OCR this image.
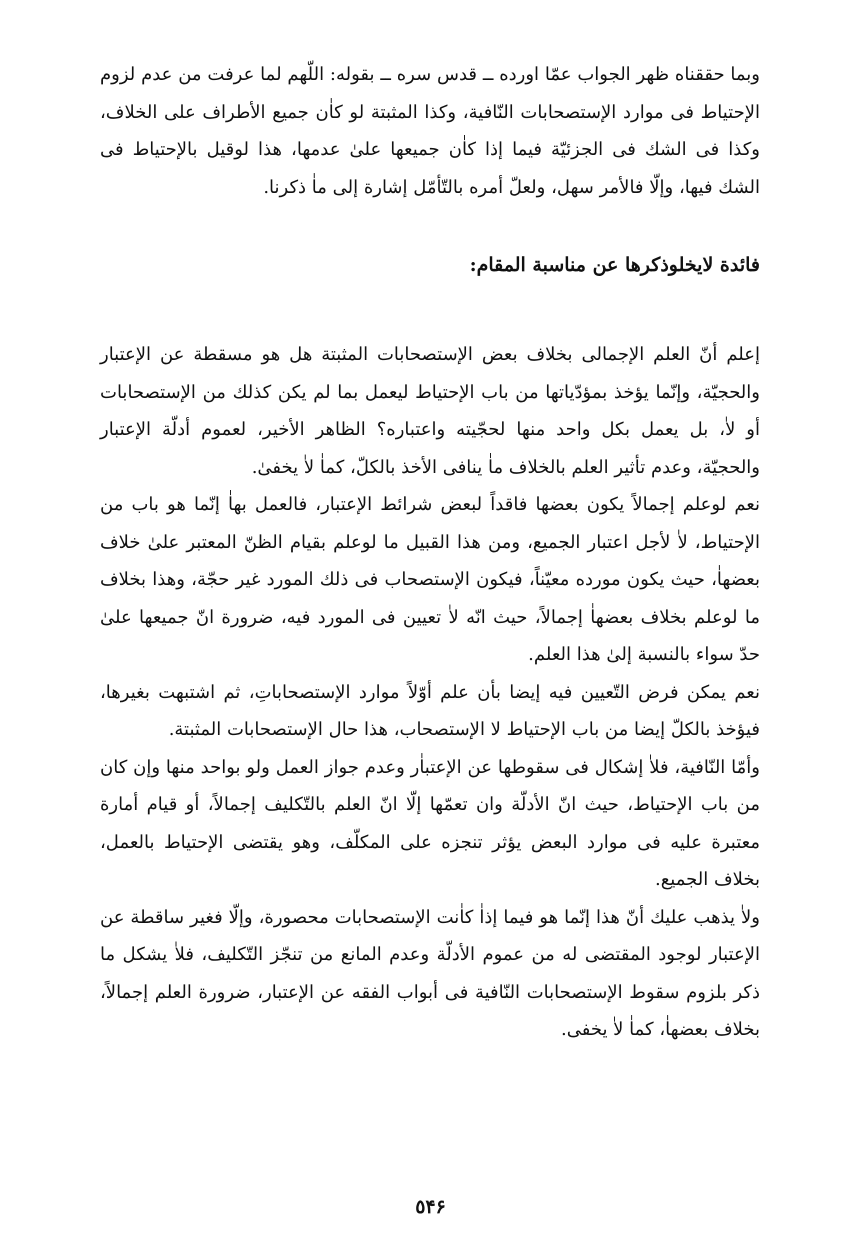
وبما حققناه ظهر الجواب عمّا اورده ــ قدس سره ــ بقوله: اللّهم لما عرفت من عدم لزوم الإحتياط فى موارد الإستصحابات النّافية، وكذا المثبتة لو كاٰن جميع الأطراف على الخلاف، وكذا فى الشك فى الجزئيّة فيما إذا كاٰن جميعها علىٰ عدمها، هذا لوقيل بالإحتياط فى الشك فيها، وإلّا فالأمر سهل، ولعلّ أمره بالتّأمّل إشارة إلى ماٰ ذكرنا.

فائدة لايخلوذكرها عن مناسبة المقام:

إعلم أنّ العلم الإجمالى بخلاف بعض الإستصحابات المثبتة هل هو مسقطة عن الإعتبار والحجيّة، وإنّما يؤخذ بمؤدّياتها من باب الإحتياط ليعمل بما لم يكن كذلك من الإستصحابات أو لاٰ، بل يعمل بكل واحد منها لحجّيته واعتباره؟ الظاهر الأخير، لعموم أدلّة الإعتبار والحجيّة، وعدم تأثير العلم بالخلاف ماٰ ينافى الأخذ بالكلّ، كماٰ لاٰ يخفىٰ.

نعم لوعلم إجمالاً يكون بعضها فاقداً لبعض شرائط الإعتبار، فالعمل بهاٰ إنّما هو باب من الإحتياط، لاٰ لأجل اعتبار الجميع، ومن هذا القبيل ما لوعلم بقيام الظنّ المعتبر علىٰ خلاف بعضهاٰ، حيث يكون مورده معيّناً، فيكون الإستصحاب فى ذلك المورد غير حجّة، وهذا بخلاف ما لوعلم بخلاف بعضهاٰ إجمالاً، حيث انّه لاٰ تعيين فى المورد فيه، ضرورة انّ جميعها علىٰ حدّ سواء بالنسبة إلىٰ هذا العلم.

نعم يمكن فرض التّعيين فيه إيضا بأن علم أوّلاً موارد الإستصحاباتِ، ثم اشتبهت بغيرها، فيؤخذ بالكلّ إيضا من باب الإحتياط لا الإستصحاب، هذا حال الإستصحابات المثبتة.

وأمّا النّافية، فلاٰ إشكال فى سقوطها عن الإعتباٰر وعدم جواز العمل ولو بواحد منها وإن كان من باب الإحتياط، حيث انّ الأدلّة وان تعمّها إلّا انّ العلم بالتّكليف إجمالاً، أو قيام أمارة معتبرة عليه فى موارد البعض يؤثر تنجزه على المكلّف، وهو يقتضى الإحتياط بالعمل، بخلاف الجميع.

ولاٰ يذهب عليك أنّ هذا إنّما هو فيما إذاٰ كاٰنت الإستصحابات محصورة، وإلّا فغير ساقطة عن الإعتبار لوجود المقتضى له من عموم الأدلّة وعدم المانع من تنجّز التّكليف، فلاٰ يشكل ما ذكر بلزوم سقوط الإستصحابات النّافية فى أبواب الفقه عن الإعتبار، ضرورة العلم إجمالاً، بخلاف بعضهاٰ، كماٰ لاٰ يخفى.

٥۴۶
